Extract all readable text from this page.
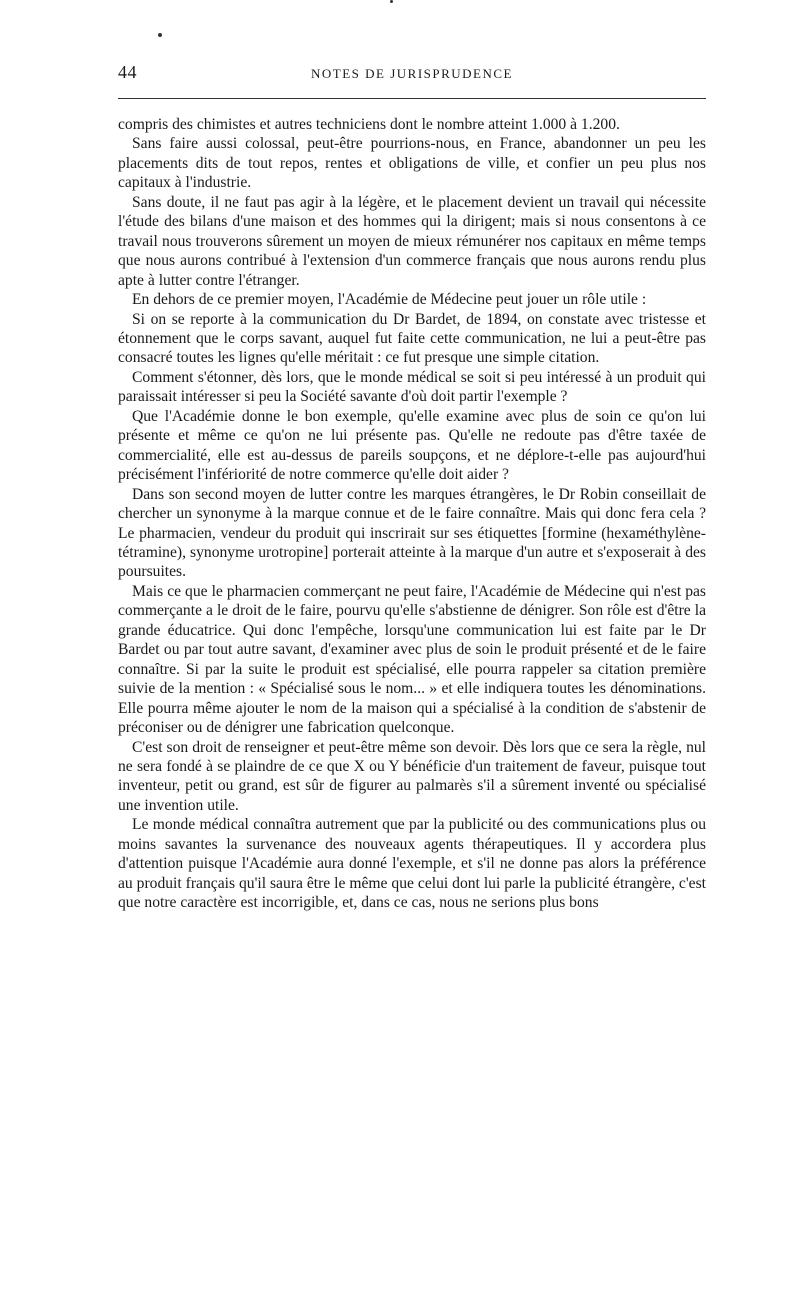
44	NOTES DE JURISPRUDENCE

compris des chimistes et autres techniciens dont le nombre atteint 1.000 à 1.200.

Sans faire aussi colossal, peut-être pourrions-nous, en France, abandonner un peu les placements dits de tout repos, rentes et obligations de ville, et confier un peu plus nos capitaux à l'industrie.

Sans doute, il ne faut pas agir à la légère, et le placement devient un travail qui nécessite l'étude des bilans d'une maison et des hommes qui la dirigent; mais si nous consentons à ce travail nous trouverons sûrement un moyen de mieux rémunérer nos capitaux en même temps que nous aurons contribué à l'extension d'un commerce français que nous aurons rendu plus apte à lutter contre l'étranger.

En dehors de ce premier moyen, l'Académie de Médecine peut jouer un rôle utile :

Si on se reporte à la communication du Dr Bardet, de 1894, on constate avec tristesse et étonnement que le corps savant, auquel fut faite cette communication, ne lui a peut-être pas consacré toutes les lignes qu'elle méritait : ce fut presque une simple citation.

Comment s'étonner, dès lors, que le monde médical se soit si peu intéressé à un produit qui paraissait intéresser si peu la Société savante d'où doit partir l'exemple ?

Que l'Académie donne le bon exemple, qu'elle examine avec plus de soin ce qu'on lui présente et même ce qu'on ne lui présente pas. Qu'elle ne redoute pas d'être taxée de commercialité, elle est au-dessus de pareils soupçons, et ne déplore-t-elle pas aujourd'hui précisément l'infériorité de notre commerce qu'elle doit aider ?

Dans son second moyen de lutter contre les marques étrangères, le Dr Robin conseillait de chercher un synonyme à la marque connue et de le faire connaître. Mais qui donc fera cela ? Le pharmacien, vendeur du produit qui inscrirait sur ses étiquettes [formine (hexaméthylène-tétramine), synonyme urotropine] porterait atteinte à la marque d'un autre et s'exposerait à des poursuites.

Mais ce que le pharmacien commerçant ne peut faire, l'Académie de Médecine qui n'est pas commerçante a le droit de le faire, pourvu qu'elle s'abstienne de dénigrer. Son rôle est d'être la grande éducatrice. Qui donc l'empêche, lorsqu'une communication lui est faite par le Dr Bardet ou par tout autre savant, d'examiner avec plus de soin le produit présenté et de le faire connaître. Si par la suite le produit est spécialisé, elle pourra rappeler sa citation première suivie de la mention : « Spécialisé sous le nom... » et elle indiquera toutes les dénominations. Elle pourra même ajouter le nom de la maison qui a spécialisé à la condition de s'abstenir de préconiser ou de dénigrer une fabrication quelconque.

C'est son droit de renseigner et peut-être même son devoir. Dès lors que ce sera la règle, nul ne sera fondé à se plaindre de ce que X ou Y bénéficie d'un traitement de faveur, puisque tout inventeur, petit ou grand, est sûr de figurer au palmarès s'il a sûrement inventé ou spécialisé une invention utile.

Le monde médical connaîtra autrement que par la publicité ou des communications plus ou moins savantes la survenance des nouveaux agents thérapeutiques. Il y accordera plus d'attention puisque l'Académie aura donné l'exemple, et s'il ne donne pas alors la préférence au produit français qu'il saura être le même que celui dont lui parle la publicité étrangère, c'est que notre caractère est incorrigible, et, dans ce cas, nous ne serions plus bons
